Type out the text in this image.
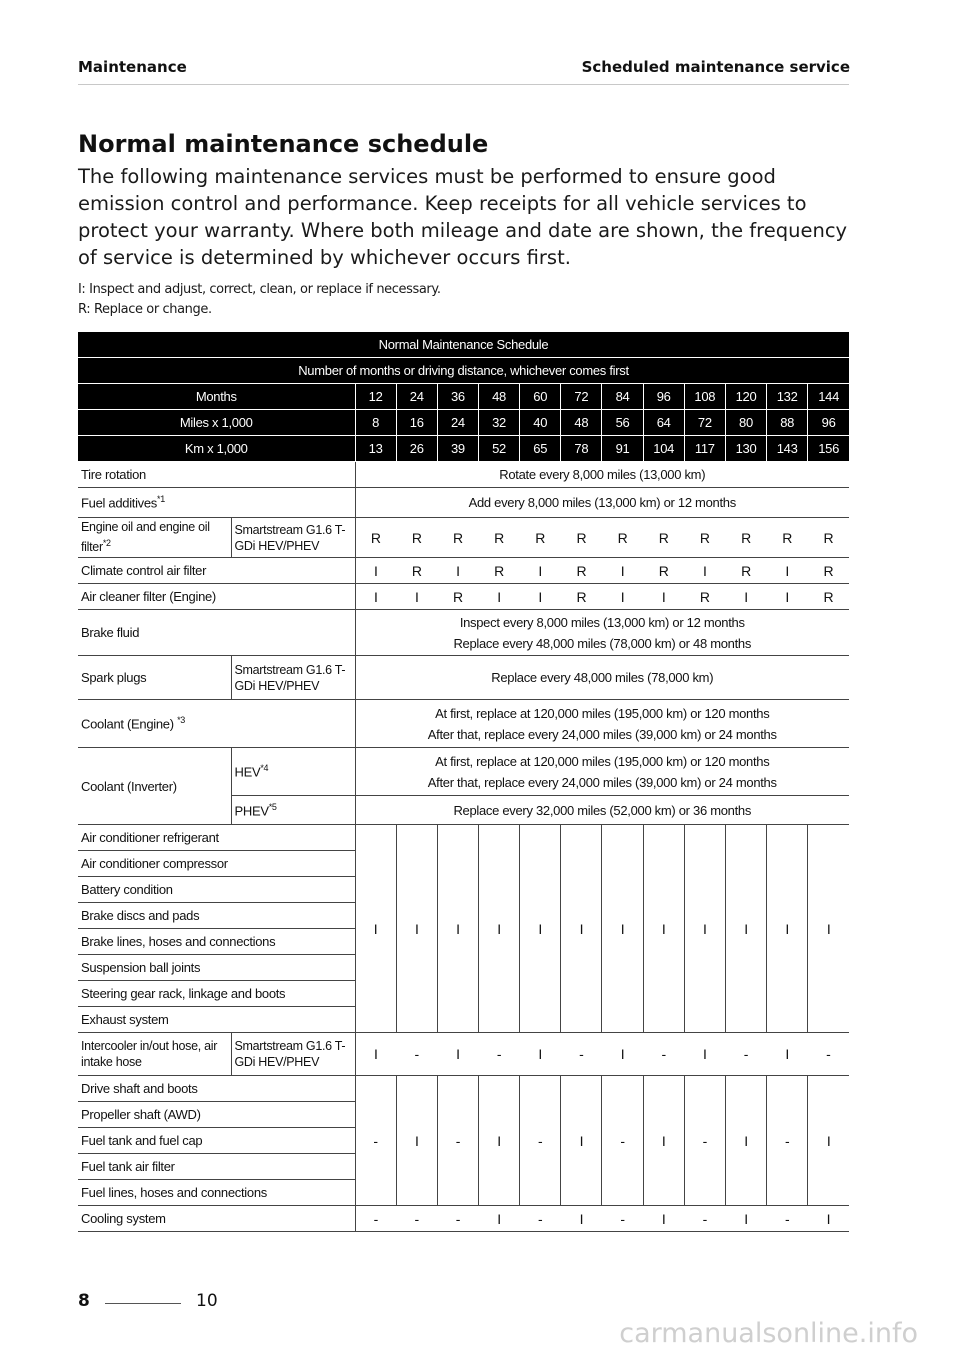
Maintenance	Scheduled maintenance service
Normal maintenance schedule

The following maintenance services must be performed to ensure good emission control and performance. Keep receipts for all vehicle services to protect your warranty. Where both mileage and date are shown, the frequency of service is determined by whichever occurs first.

I: Inspect and adjust, correct, clean, or replace if necessary.

R: Replace or change.

Normal Maintenance Schedule													
Number of months or driving distance, whichever comes first													
Months		12	24	36	48	60	72	84	96	108	120	132	144
Miles x 1,000		8	16	24	32	40	48	56	64	72	80	88	96
Km x 1,000		13	26	39	52	65	78	91	104	117	130	143	156
Tire rotation		Rotate every 8,000 miles (13,000 km)											
Fuel additives$^{*1}$		Add every 8,000 miles (13,000 km) or 12 months											
Engine oil and engine oil filter$^{*2}$	Smartstream G1.6 T-GDi HEV/PHEV	R	R	R	R	R	R	R	R	R	R	R	R
Climate control air filter		I	R	I	R	I	R	I	R	I	R	I	R
Air cleaner filter (Engine)		I	I	R	I	I	R	I	I	R	I	I	R
Brake fluid		Inspect every 8,000 miles (13,000 km) or 12 months
Replace every 48,000 miles (78,000 km) or 48 months											

Spark plugs	Smartstream G1.6 T-GDi HEV/PHEV	Replace every 48,000 miles (78,000 km)											
Coolant (Engine) $^{*3}$		At first, replace at 120,000 miles (195,000 km) or 120 months
After that, replace every 24,000 miles (39,000 km) or 24 months											

Coolant (Inverter)	HEV$^{*4}$	At first, replace at 120,000 miles (195,000 km) or 120 months
After that, replace every 24,000 miles (39,000 km) or 24 months											

	PHEV$^{*5}$	Replace every 32,000 miles (52,000 km) or 36 months											
Air conditioner refrigerant		I	I	I	I	I	I	I	I	I	I	I	I
Air conditioner compressor													
Battery condition													
Brake discs and pads													
Brake lines, hoses and connections													
Suspension ball joints													
Steering gear rack, linkage and boots													
Exhaust system													
Intercooler in/out hose, air intake hose	Smartstream G1.6 T-GDi HEV/PHEV	I	-	I	-	I	-	I	-	I	-	I	-
Drive shaft and boots		-	I	-	I	-	I	-	I	-	I	-	I
Propeller shaft (AWD)													
Fuel tank and fuel cap													
Fuel tank air filter													
Fuel lines, hoses and connections													
Cooling system		-	-	-	I	-	I	-	I	-	I	-	I
8	10
carmanualsonline.info
